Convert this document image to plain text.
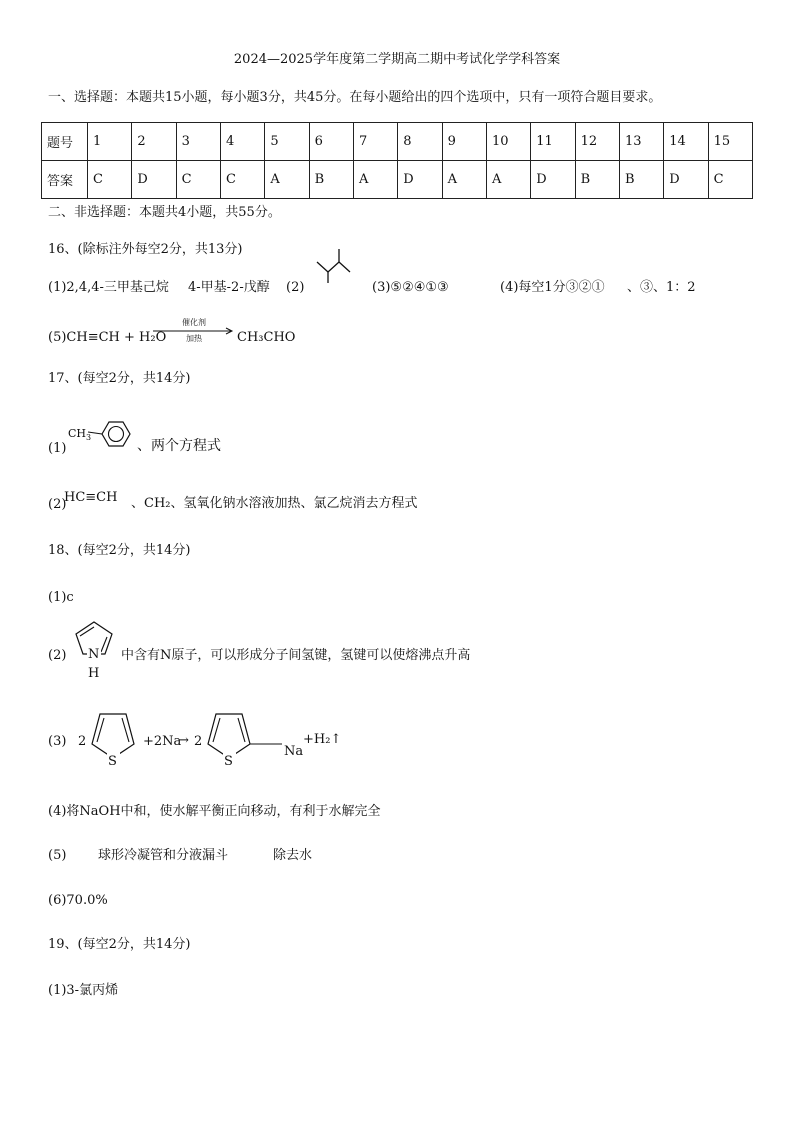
2024—2025学年度第二学期高二期中考试化学学科答案
一、选择题：本题共15小题，每小题3分，共45分。在每小题给出的四个选项中，只有一项符合题目要求。
题号	1	2	3	4	5	6	7	8	9	10	11	12	13	14	15
答案	C	D	C	C	A	B	A	D	A	A	D	B	B	D	C
二、非选择题：本题共4小题，共55分。
16、(除标注外每空2分，共13分)
(1)2,4,4-三甲基己烷 4-甲基-2-戊醇 (2)	(3)⑤②④①③	(4)每空1分③②① 、③、1：2
(5)CH≡CH + H₂O
催化剂
加热	CH₃CHO
17、(每空2分，共14分)
(1)
$CH_3$
、两个方程式
(2)
HC≡CH 、CH₂、氢氧化钠水溶液加热、氯乙烷消去方程式
18、(每空2分，共14分)
(1)c
(2) N
H
中含有N原子，可以形成分子间氢键，氢键可以使熔沸点升高
(3) 2
S
+2Na
→ 2
S
Na
+H₂↑
(4)将NaOH中和，使水解平衡正向移动，有利于水解完全
(5) 球形冷凝管和分液漏斗	除去水
(6)70.0%
19、(每空2分，共14分)
(1)3-氯丙烯
